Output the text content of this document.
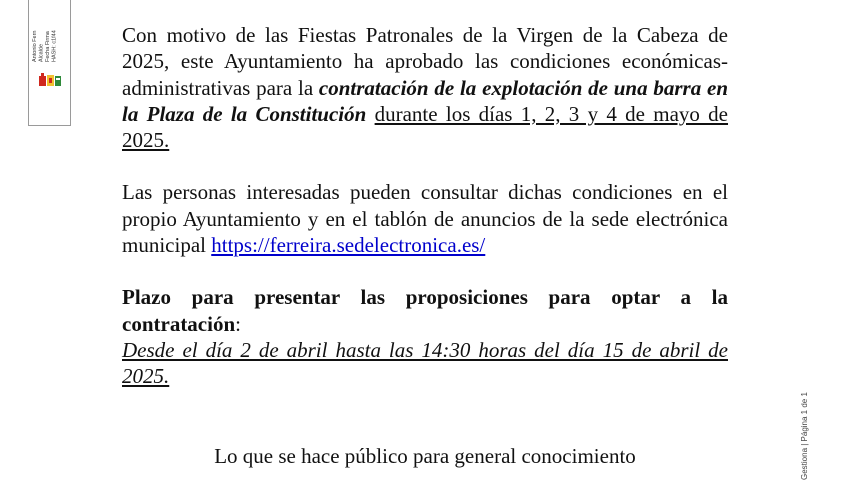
Antonio Fern Alcalde Fecha Firma HASH: c1f44	Con motivo de las Fiestas Patronales de la Virgen de la Cabeza de 2025, este Ayuntamiento ha aprobado las condiciones económicas-administrativas para la contratación de la explotación de una barra en la Plaza de la Constitución durante los días 1, 2, 3 y 4 de mayo de 2025.

Las personas interesadas pueden consultar dichas condiciones en el propio Ayuntamiento y en el tablón de anuncios de la sede electrónica municipal https://ferreira.sedelectronica.es/

Plazo para presentar las proposiciones para optar a la contratación:
Desde el día 2 de abril hasta las 14:30 horas del día 15 de abril de 2025.

Lo que se hace público para general conocimiento	Gestiona | Página 1 de 1
